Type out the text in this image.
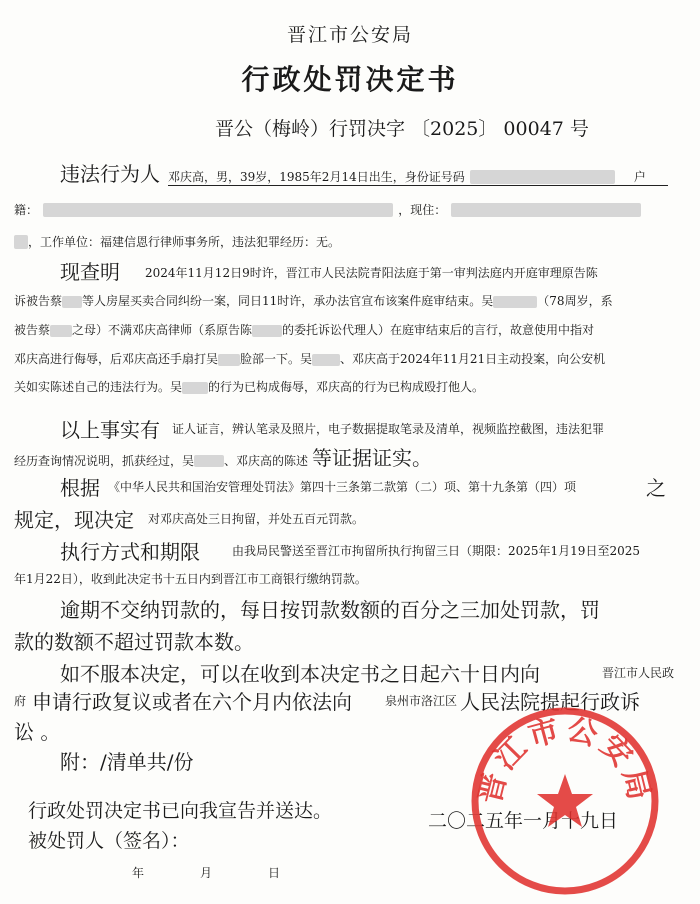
晋江市公安局
行政处罚决定书
晋公（梅岭）行罚决字 〔2025〕 00047 号
违法行为人 邓庆高，男，39岁，1985年2月14日出生，身份证号码	户
籍：	，现住：
，工作单位：福建信恩行律师事务所，违法犯罪经历：无。
现查明 2024年11月12日9时许，晋江市人民法院青阳法庭于第一审判法庭内开庭审理原告陈
诉被告蔡 等人房屋买卖合同纠纷一案，同日11时许，承办法官宣布该案件庭审结束。吴	（78周岁，系
被告蔡 之母）不满邓庆高律师（系原告陈	的委托诉讼代理人）在庭审结束后的言行，故意使用中指对
邓庆高进行侮辱，后邓庆高还手扇打吴 脸部一下。吴 、邓庆高于2024年11月21日主动投案，向公安机
关如实陈述自己的违法行为。吴 的行为已构成侮辱，邓庆高的行为已构成殴打他人。
以上事实有 证人证言，辨认笔录及照片，电子数据提取笔录及清单，视频监控截图，违法犯罪
经历查询情况说明，抓获经过，吴	、邓庆高的陈述 等证据证实。
根据 《中华人民共和国治安管理处罚法》第四十三条第二款第（二）项、第十九条第（四）项	之
规定，现决定 对邓庆高处三日拘留，并处五百元罚款。
执行方式和期限	由我局民警送至晋江市拘留所执行拘留三日（期限：2025年1月19日至2025
年1月22日），收到此决定书十五日内到晋江市工商银行缴纳罚款。
逾期不交纳罚款的，每日按罚款数额的百分之三加处罚款，罚
款的数额不超过罚款本数。
如不服本决定，可以在收到本决定书之日起六十日内向	晋江市人民政
府 申请行政复议或者在六个月内依法向	泉州市洛江区 人民法院提起行政诉
讼 。
附：/清单共/份
行政处罚决定书已向我宣告并送达。
被处罚人（签名）：
二〇二五年一月十九日
年	月	日
晋江市公安局
